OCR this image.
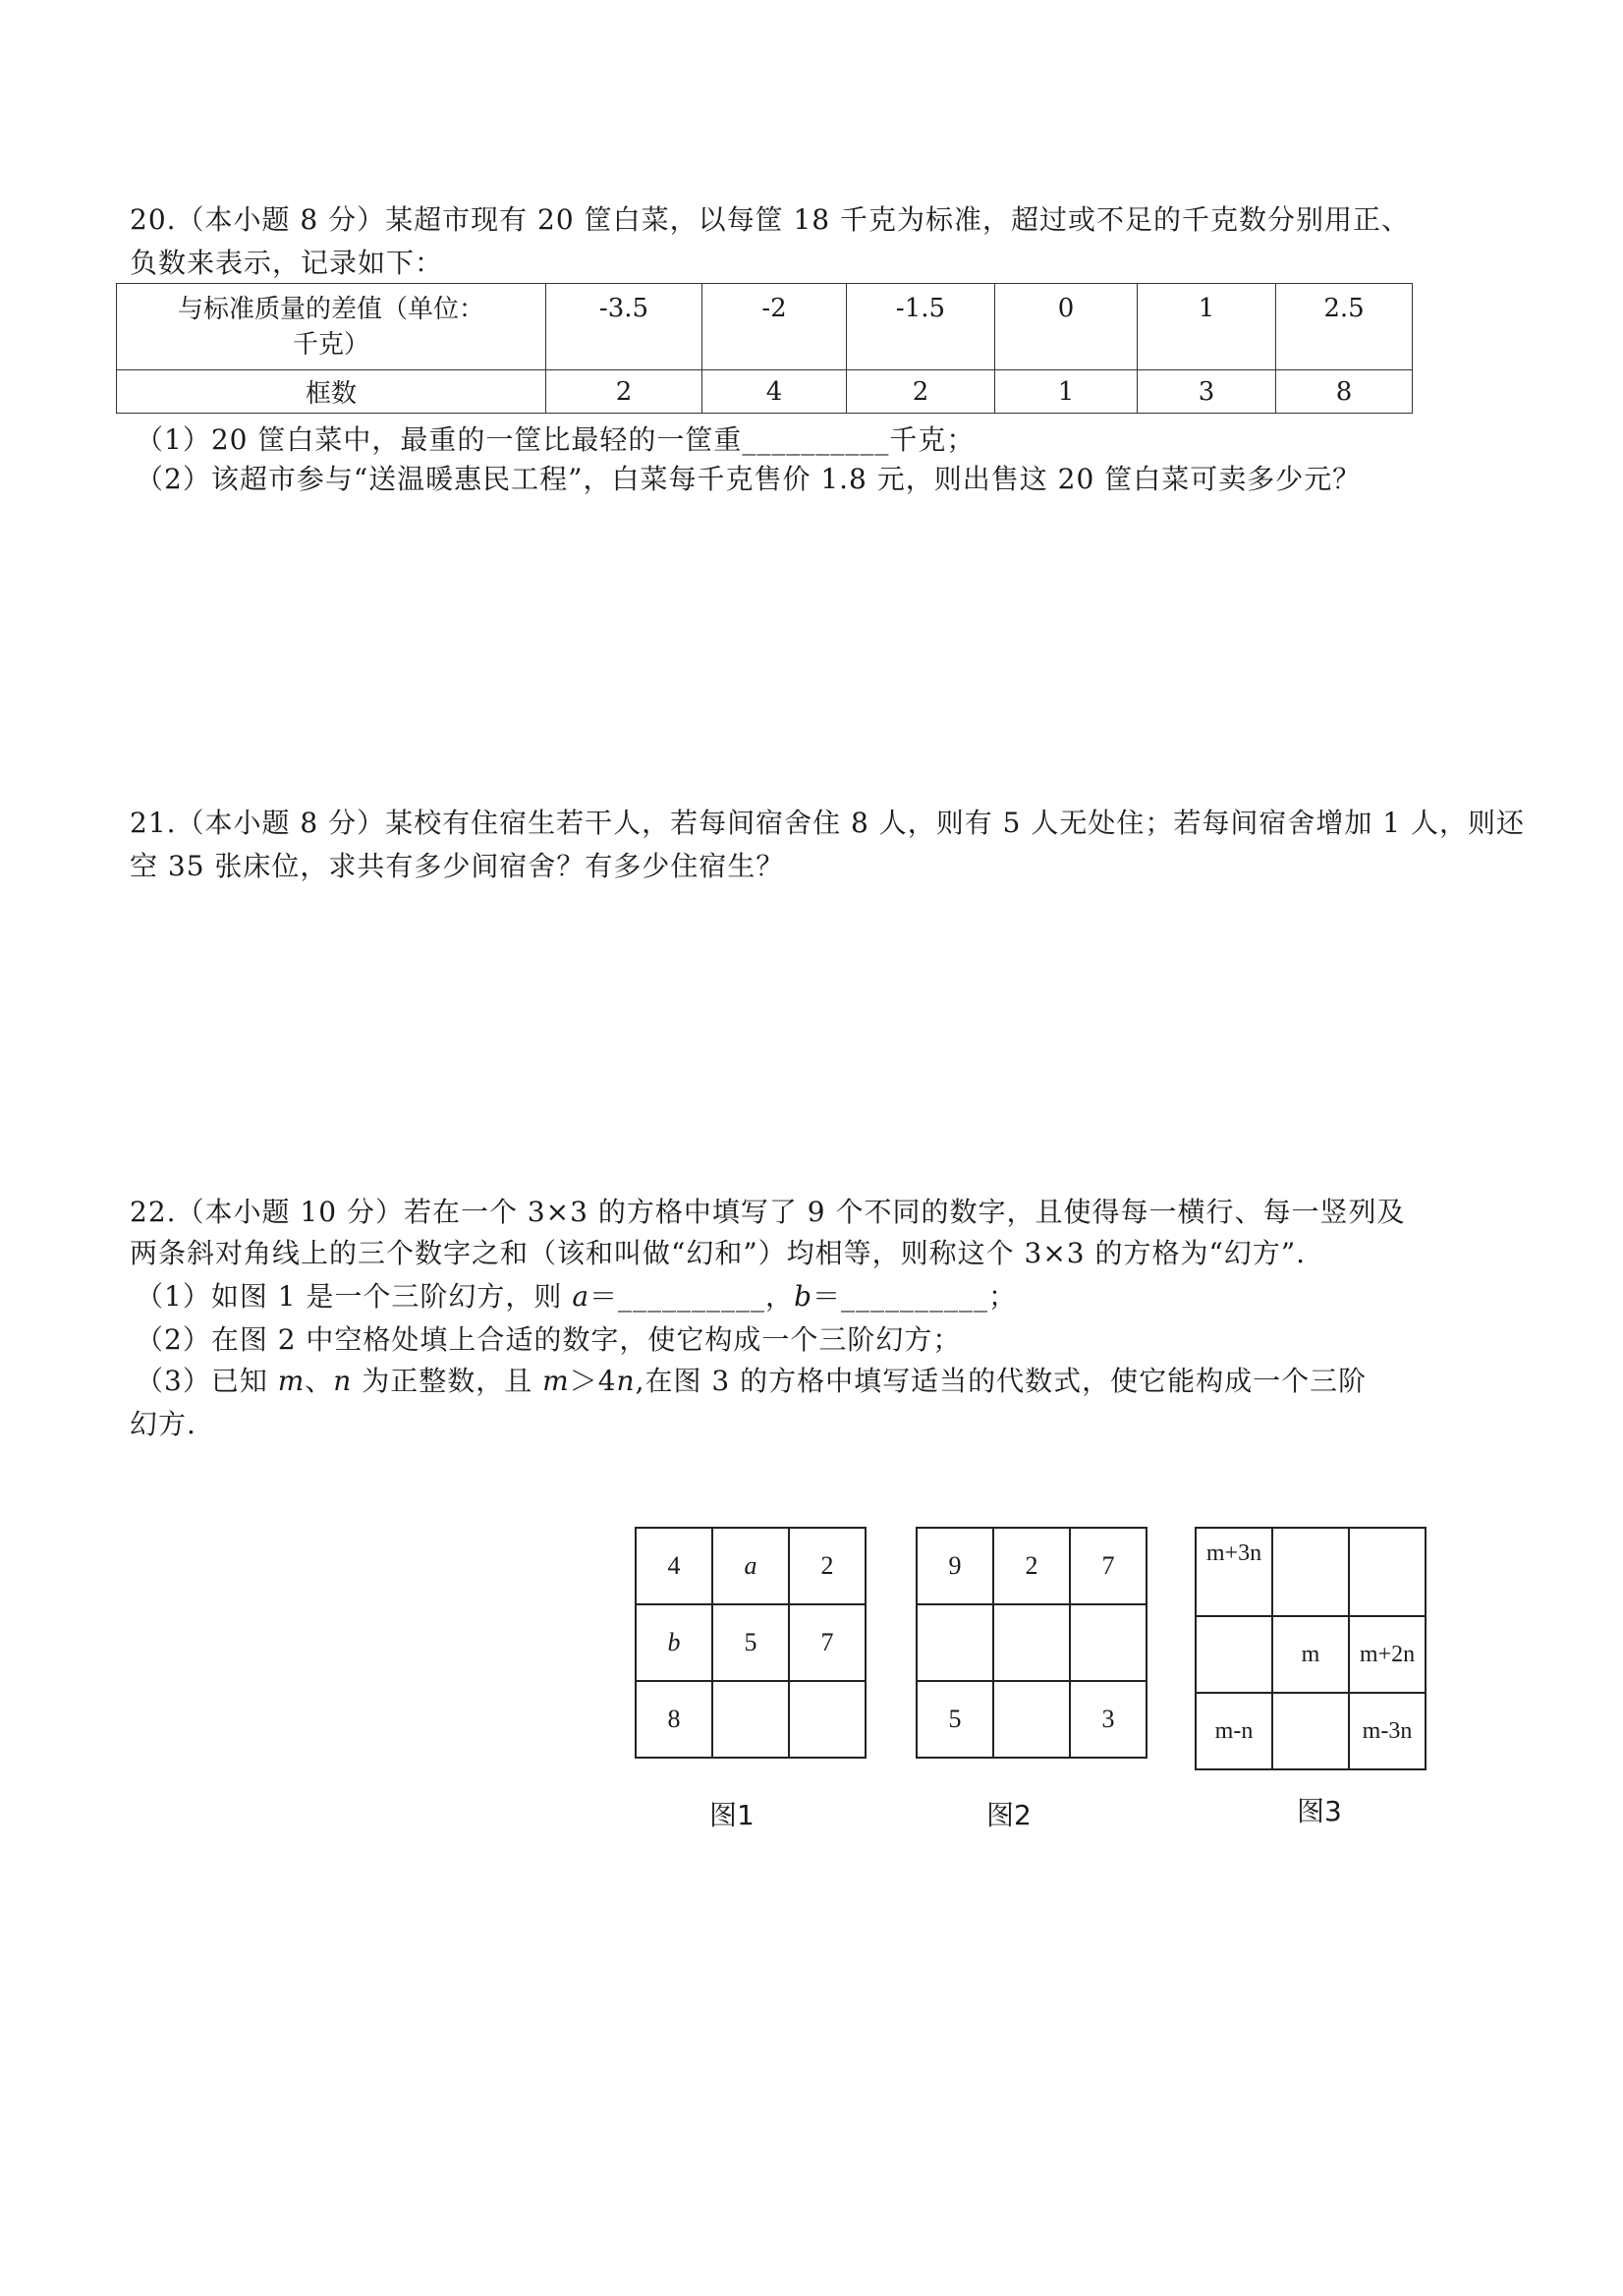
20.（本小题 8 分）某超市现有 20 筐白菜，以每筐 18 千克为标准，超过或不足的千克数分别用正、
负数来表示，记录如下：
与标准质量的差值（单位：
千克）	-3.5	-2	-1.5	0	1	2.5
框数	2	4	2	1	3	8
（1）20 筐白菜中，最重的一筐比最轻的一筐重__________千克；
（2）该超市参与“送温暖惠民工程”，白菜每千克售价 1.8 元，则出售这 20 筐白菜可卖多少元？
21.（本小题 8 分）某校有住宿生若干人，若每间宿舍住 8 人，则有 5 人无处住；若每间宿舍增加 1 人，则还
空 35 张床位，求共有多少间宿舍？有多少住宿生？
22.（本小题 10 分）若在一个 3×3 的方格中填写了 9 个不同的数字，且使得每一横行、每一竖列及
两条斜对角线上的三个数字之和（该和叫做“幻和”）均相等，则称这个 3×3 的方格为“幻方”.
（1）如图 1 是一个三阶幻方，则 a＝__________，b＝__________；
（2）在图 2 中空格处填上合适的数字，使它构成一个三阶幻方；
（3）已知 m、n 为正整数，且 m＞4n,在图 3 的方格中填写适当的代数式，使它能构成一个三阶
幻方.
4	a	2
b	5	7
8		
图1
9	2	7

5		3
图2
m+3n		
	m	m+2n
m-n		m-3n
图3
